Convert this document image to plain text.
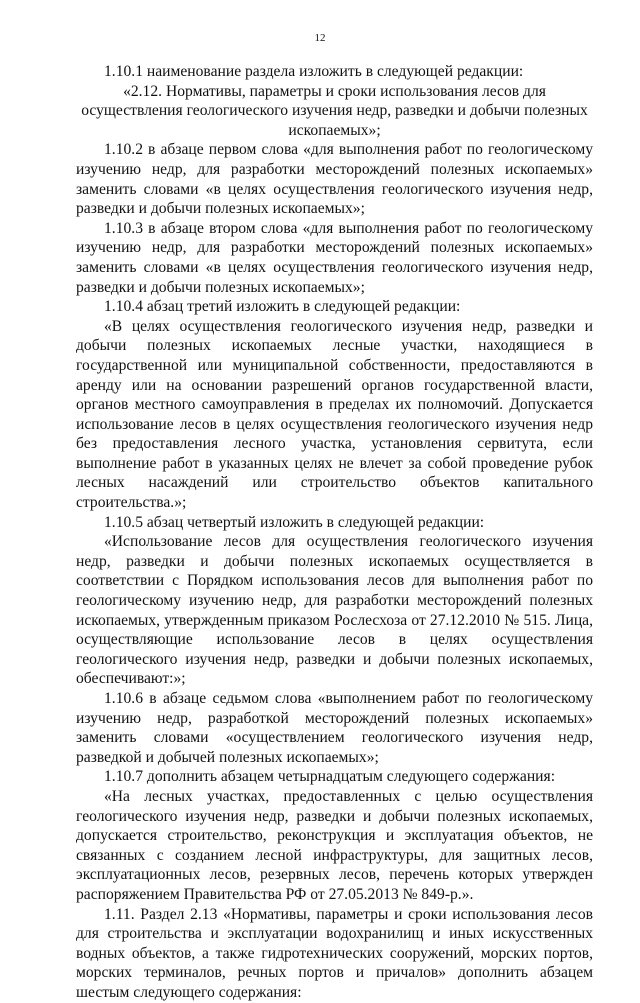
12

1.10.1 наименование раздела изложить в следующей редакции:

«2.12. Нормативы, параметры и сроки использования лесов для осуществления геологического изучения недр, разведки и добычи полезных ископаемых»;

1.10.2 в абзаце первом слова «для выполнения работ по геологическому изучению недр, для разработки месторождений полезных ископаемых» заменить словами «в целях осуществления геологического изучения недр, разведки и добычи полезных ископаемых»;

1.10.3 в абзаце втором слова «для выполнения работ по геологическому изучению недр, для разработки месторождений полезных ископаемых» заменить словами «в целях осуществления геологического изучения недр, разведки и добычи полезных ископаемых»;

1.10.4 абзац третий изложить в следующей редакции:

«В целях осуществления геологического изучения недр, разведки и добычи полезных ископаемых лесные участки, находящиеся в государственной или муниципальной собственности, предоставляются в аренду или на основании разрешений органов государственной власти, органов местного самоуправления в пределах их полномочий. Допускается использование лесов в целях осуществления геологического изучения недр без предоставления лесного участка, установления сервитута, если выполнение работ в указанных целях не влечет за собой проведение рубок лесных насаждений или строительство объектов капитального строительства.»;

1.10.5 абзац четвертый изложить в следующей редакции:

«Использование лесов для осуществления геологического изучения недр, разведки и добычи полезных ископаемых осуществляется в соответствии с Порядком использования лесов для выполнения работ по геологическому изучению недр, для разработки месторождений полезных ископаемых, утвержденным приказом Рослесхоза от 27.12.2010 № 515. Лица, осуществляющие использование лесов в целях осуществления геологического изучения недр, разведки и добычи полезных ископаемых, обеспечивают:»;

1.10.6 в абзаце седьмом слова «выполнением работ по геологическому изучению недр, разработкой месторождений полезных ископаемых» заменить словами «осуществлением геологического изучения недр, разведкой и добычей полезных ископаемых»;

1.10.7 дополнить абзацем четырнадцатым следующего содержания:

«На лесных участках, предоставленных с целью осуществления геологического изучения недр, разведки и добычи полезных ископаемых, допускается строительство, реконструкция и эксплуатация объектов, не связанных с созданием лесной инфраструктуры, для защитных лесов, эксплуатационных лесов, резервных лесов, перечень которых утвержден распоряжением Правительства РФ от 27.05.2013 № 849-р.».

1.11. Раздел 2.13 «Нормативы, параметры и сроки использования лесов для строительства и эксплуатации водохранилищ и иных искусственных водных объектов, а также гидротехнических сооружений, морских портов, морских терминалов, речных портов и причалов» дополнить абзацем шестым следующего содержания:
